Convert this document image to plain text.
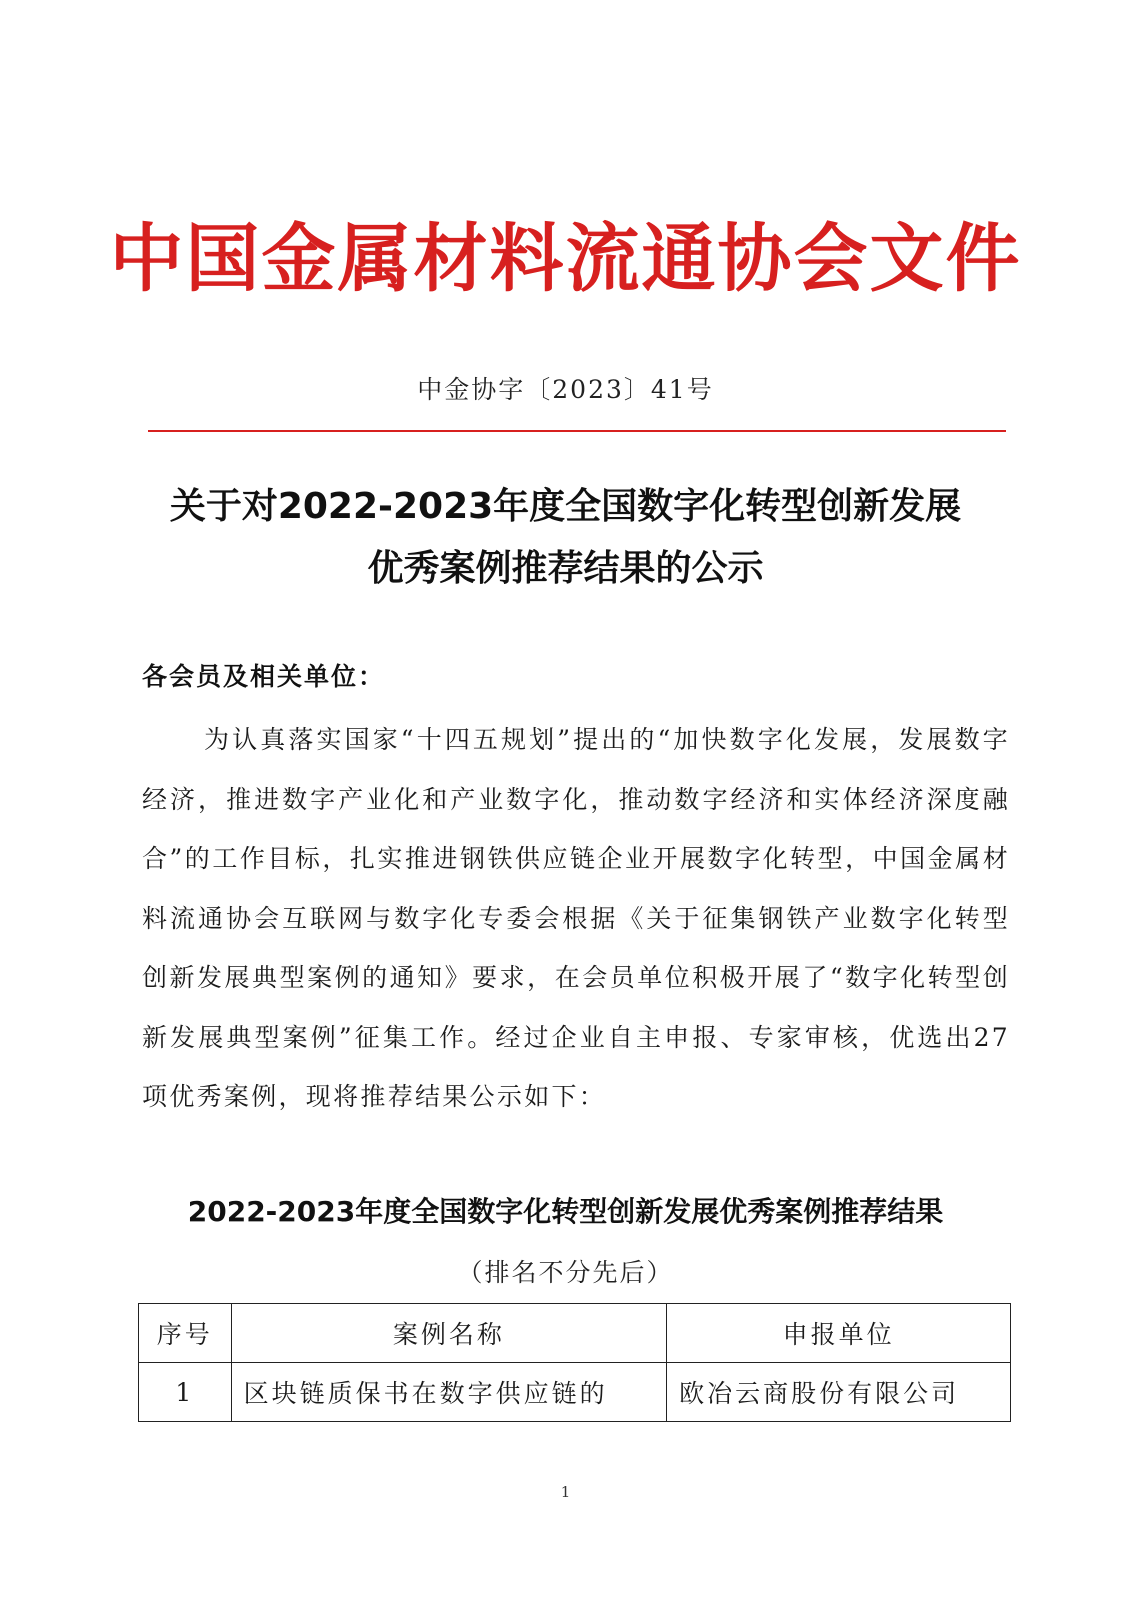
中国金属材料流通协会文件
中金协字〔2023〕41号
关于对2022-2023年度全国数字化转型创新发展
优秀案例推荐结果的公示
各会员及相关单位：
为认真落实国家“十四五规划”提出的“加快数字化发展，发展数字经济，推进数字产业化和产业数字化，推动数字经济和实体经济深度融合”的工作目标，扎实推进钢铁供应链企业开展数字化转型，中国金属材料流通协会互联网与数字化专委会根据《关于征集钢铁产业数字化转型创新发展典型案例的通知》要求，在会员单位积极开展了“数字化转型创新发展典型案例”征集工作。经过企业自主申报、专家审核，优选出27项优秀案例，现将推荐结果公示如下：
2022-2023年度全国数字化转型创新发展优秀案例推荐结果
（排名不分先后）
序号	案例名称	申报单位
1	区块链质保书在数字供应链的	欧冶云商股份有限公司
1
